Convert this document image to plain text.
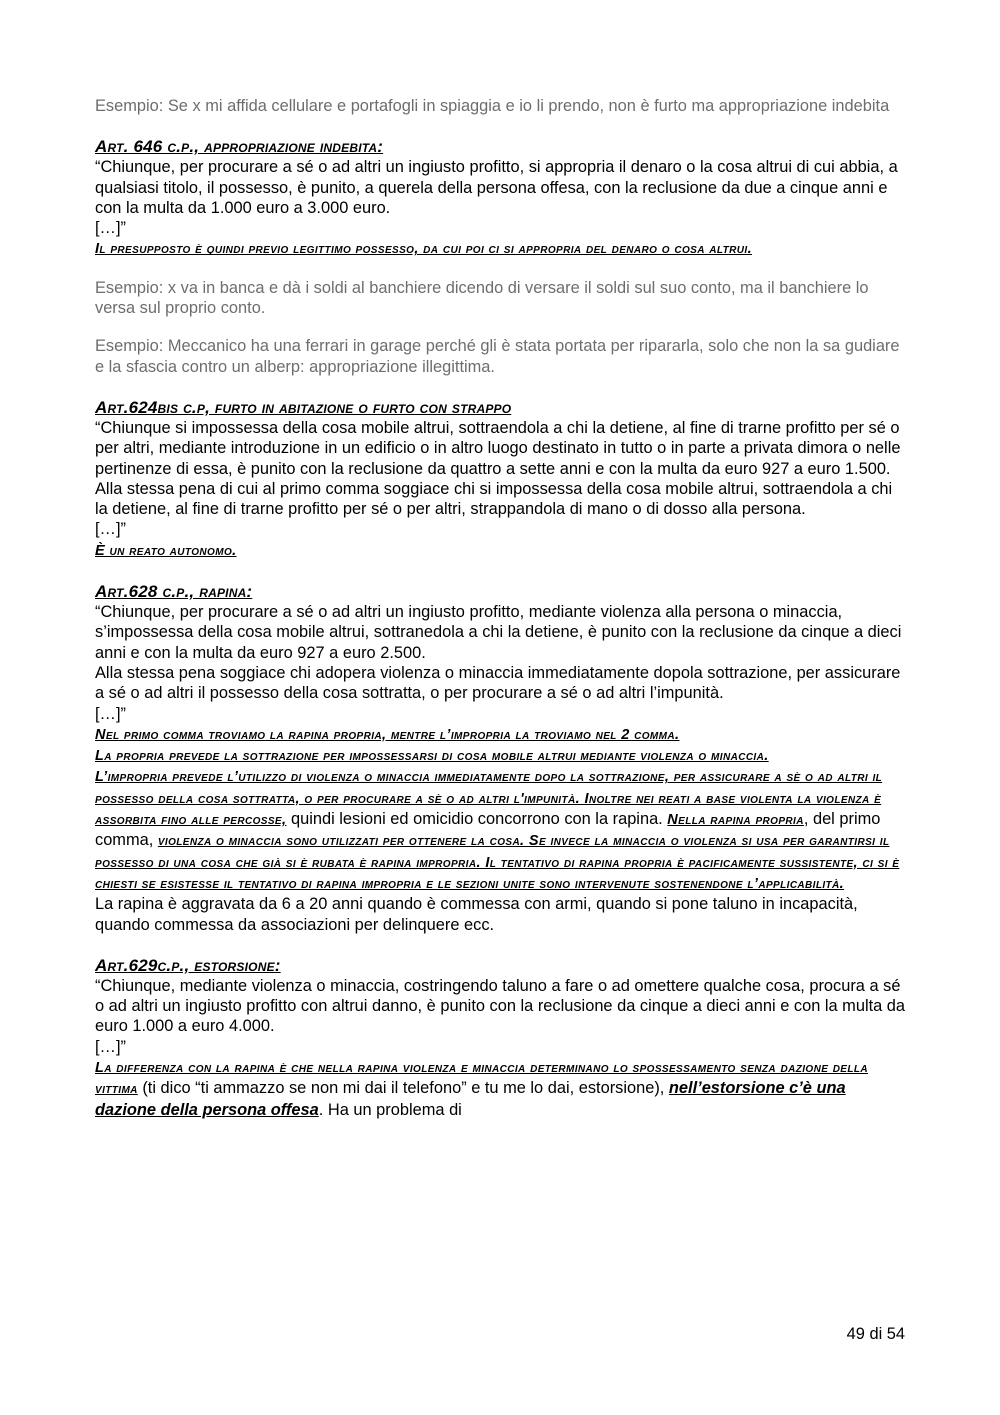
Esempio: Se x mi affida cellulare e portafogli in spiaggia e io li prendo, non è furto ma appropriazione indebita

Art. 646 c.p., appropriazione indebita:

“Chiunque, per procurare a sé o ad altri un ingiusto profitto, si appropria il denaro o la cosa altrui di cui abbia, a qualsiasi titolo, il possesso, è punito, a querela della persona offesa, con la reclusione da due a cinque anni e con la multa da 1.000 euro a 3.000 euro.

[…]”

Il presupposto è quindi previo legittimo possesso, da cui poi ci si appropria del denaro o cosa altrui.

Esempio: x va in banca e dà i soldi al banchiere dicendo di versare il soldi sul suo conto, ma il banchiere lo versa sul proprio conto.

Esempio: Meccanico ha una ferrari in garage perché gli è stata portata per ripararla, solo che non la sa gudiare e la sfascia contro un alberp: appropriazione illegittima.

Art.624bis c.p, furto in abitazione o furto con strappo

“Chiunque si impossessa della cosa mobile altrui, sottraendola a chi la detiene, al fine di trarne profitto per sé o per altri, mediante introduzione in un edificio o in altro luogo destinato in tutto o in parte a privata dimora o nelle pertinenze di essa, è punito con la reclusione da quattro a sette anni e con la multa da euro 927 a euro 1.500.

Alla stessa pena di cui al primo comma soggiace chi si impossessa della cosa mobile altrui, sottraendola a chi la detiene, al fine di trarne profitto per sé o per altri, strappandola di mano o di dosso alla persona.

[…]”

È un reato autonomo.

Art.628 c.p., rapina:

“Chiunque, per procurare a sé o ad altri un ingiusto profitto, mediante violenza alla persona o minaccia, s’impossessa della cosa mobile altrui, sottranedola a chi la detiene, è punito con la reclusione da cinque a dieci anni e con la multa da euro 927 a euro 2.500.

Alla stessa pena soggiace chi adopera violenza o minaccia immediatamente dopola sottrazione, per assicurare a sé o ad altri il possesso della cosa sottratta, o per procurare a sé o ad altri l’impunità.

[…]”

Nel primo comma troviamo la rapina propria, mentre l’impropria la troviamo nel 2 comma.

La propria prevede la sottrazione per impossessarsi di cosa mobile altrui mediante violenza o minaccia.

L’impropria prevede l’utilizzo di violenza o minaccia immediatamente dopo la sottrazione, per assicurare a sè o ad altri il possesso della cosa sottratta, o per procurare a sè o ad altri l'impunità. Inoltre nei reati a base violenta la violenza è assorbita fino alle percosse, quindi lesioni ed omicidio concorrono con la rapina. Nella rapina propria, del primo comma, violenza o minaccia sono utilizzati per ottenere la cosa. Se invece la minaccia o violenza si usa per garantirsi il possesso di una cosa che già si è rubata è rapina impropria. Il tentativo di rapina propria è pacificamente sussistente, ci si è chiesti se esistesse il tentativo di rapina impropria e le sezioni unite sono intervenute sostenendone l’applicabilità.

La rapina è aggravata da 6 a 20 anni quando è commessa con armi, quando si pone taluno in incapacità, quando commessa da associazioni per delinquere ecc.

Art.629c.p., estorsione:

“Chiunque, mediante violenza o minaccia, costringendo taluno a fare o ad omettere qualche cosa, procura a sé o ad altri un ingiusto profitto con altrui danno, è punito con la reclusione da cinque a dieci anni e con la multa da euro 1.000 a euro 4.000.

[…]”

La differenza con la rapina è che nella rapina violenza e minaccia determinano lo spossessamento senza dazione della vittima (ti dico “ti ammazzo se non mi dai il telefono” e tu me lo dai, estorsione), nell’estorsione c’è una dazione della persona offesa. Ha un problema di

49 di 54
